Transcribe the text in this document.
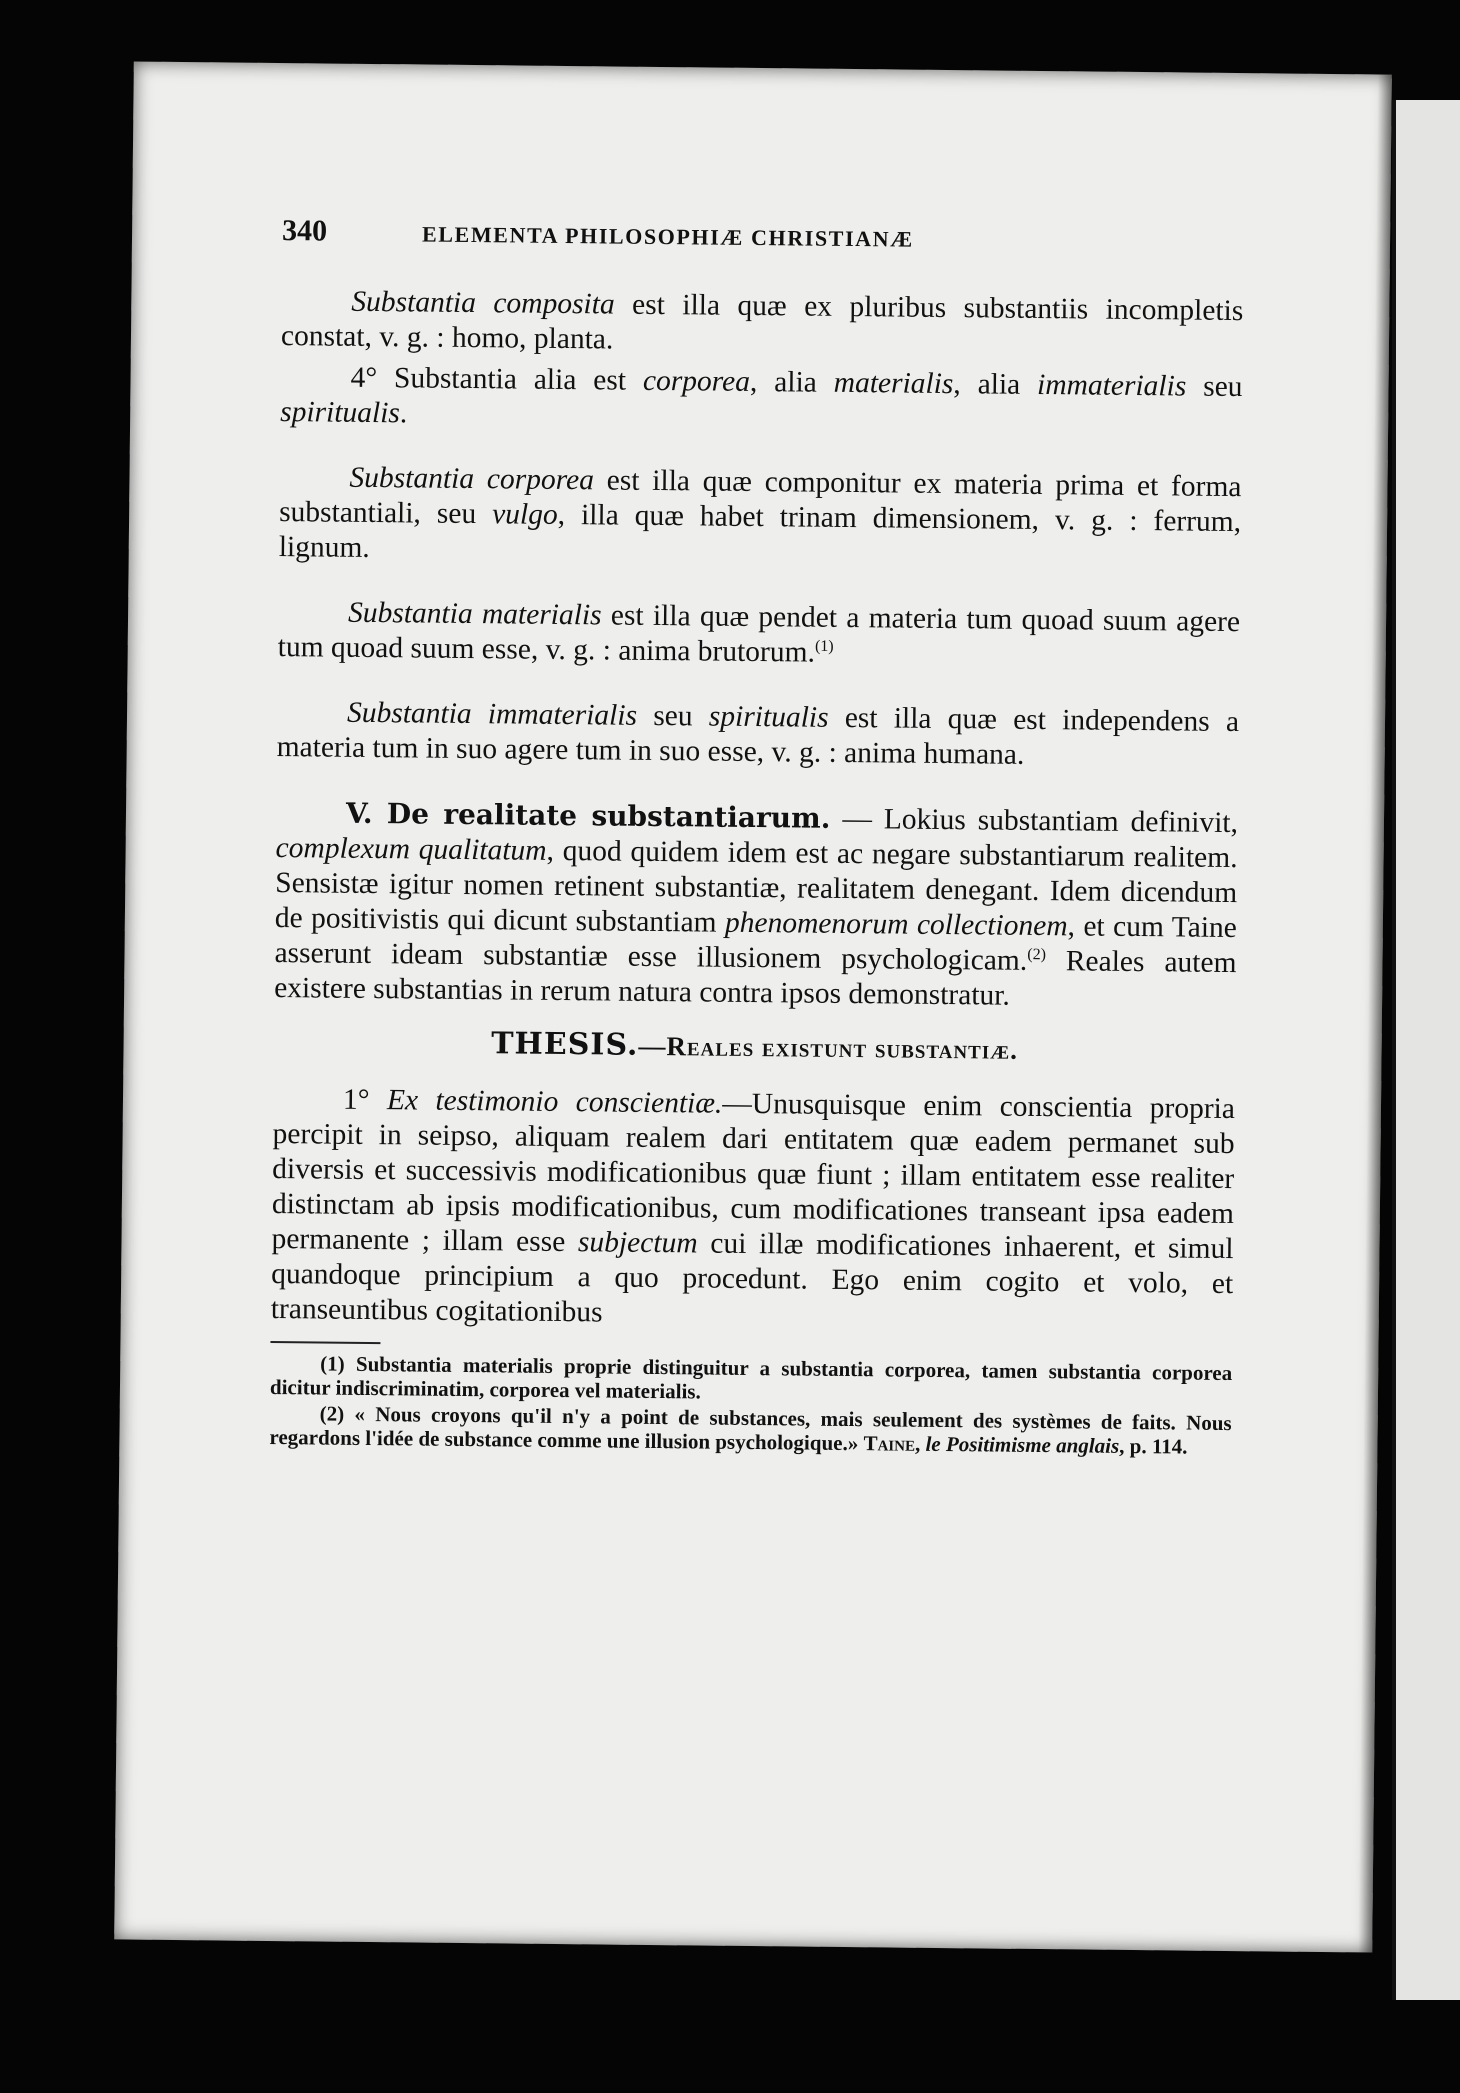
340	ELEMENTA PHILOSOPHIÆ CHRISTIANÆ

Substantia composita est illa quæ ex pluribus substantiis incompletis constat, v. g. : homo, planta.

4° Substantia alia est corporea, alia materialis, alia immaterialis seu spiritualis.

Substantia corporea est illa quæ componitur ex materia prima et forma substantiali, seu vulgo, illa quæ habet trinam dimensionem, v. g. : ferrum, lignum.

Substantia materialis est illa quæ pendet a materia tum quoad suum agere tum quoad suum esse, v. g. : anima brutorum.$^{(1)}$

Substantia immaterialis seu spiritualis est illa quæ est independens a materia tum in suo agere tum in suo esse, v. g. : anima humana.

V. De realitate substantiarum. — Lokius substantiam definivit, complexum qualitatum, quod quidem idem est ac negare substantiarum realitem. Sensistæ igitur nomen retinent substantiæ, realitatem denegant. Idem dicendum de positivistis qui dicunt substantiam phenomenorum collectionem, et cum Taine asserunt ideam substantiæ esse illusionem psychologicam.$^{(2)}$ Reales autem existere substantias in rerum natura contra ipsos demonstratur.

THESIS.—Reales existunt substantiæ.

1° Ex testimonio conscientiæ.—Unusquisque enim conscientia propria percipit in seipso, aliquam realem dari entitatem quæ eadem permanet sub diversis et successivis modificationibus quæ fiunt ; illam entitatem esse realiter distinctam ab ipsis modificationibus, cum modificationes transeant ipsa eadem permanente ; illam esse subjectum cui illæ modificationes inhaerent, et simul quandoque principium a quo procedunt. Ego enim cogito et volo, et transeuntibus cogitationibus

(1) Substantia materialis proprie distinguitur a substantia corporea, tamen substantia corporea dicitur indiscriminatim, corporea vel materialis.

(2) « Nous croyons qu'il n'y a point de substances, mais seulement des systèmes de faits. Nous regardons l'idée de substance comme une illusion psychologique.» Taine, le Positimisme anglais, p. 114.
